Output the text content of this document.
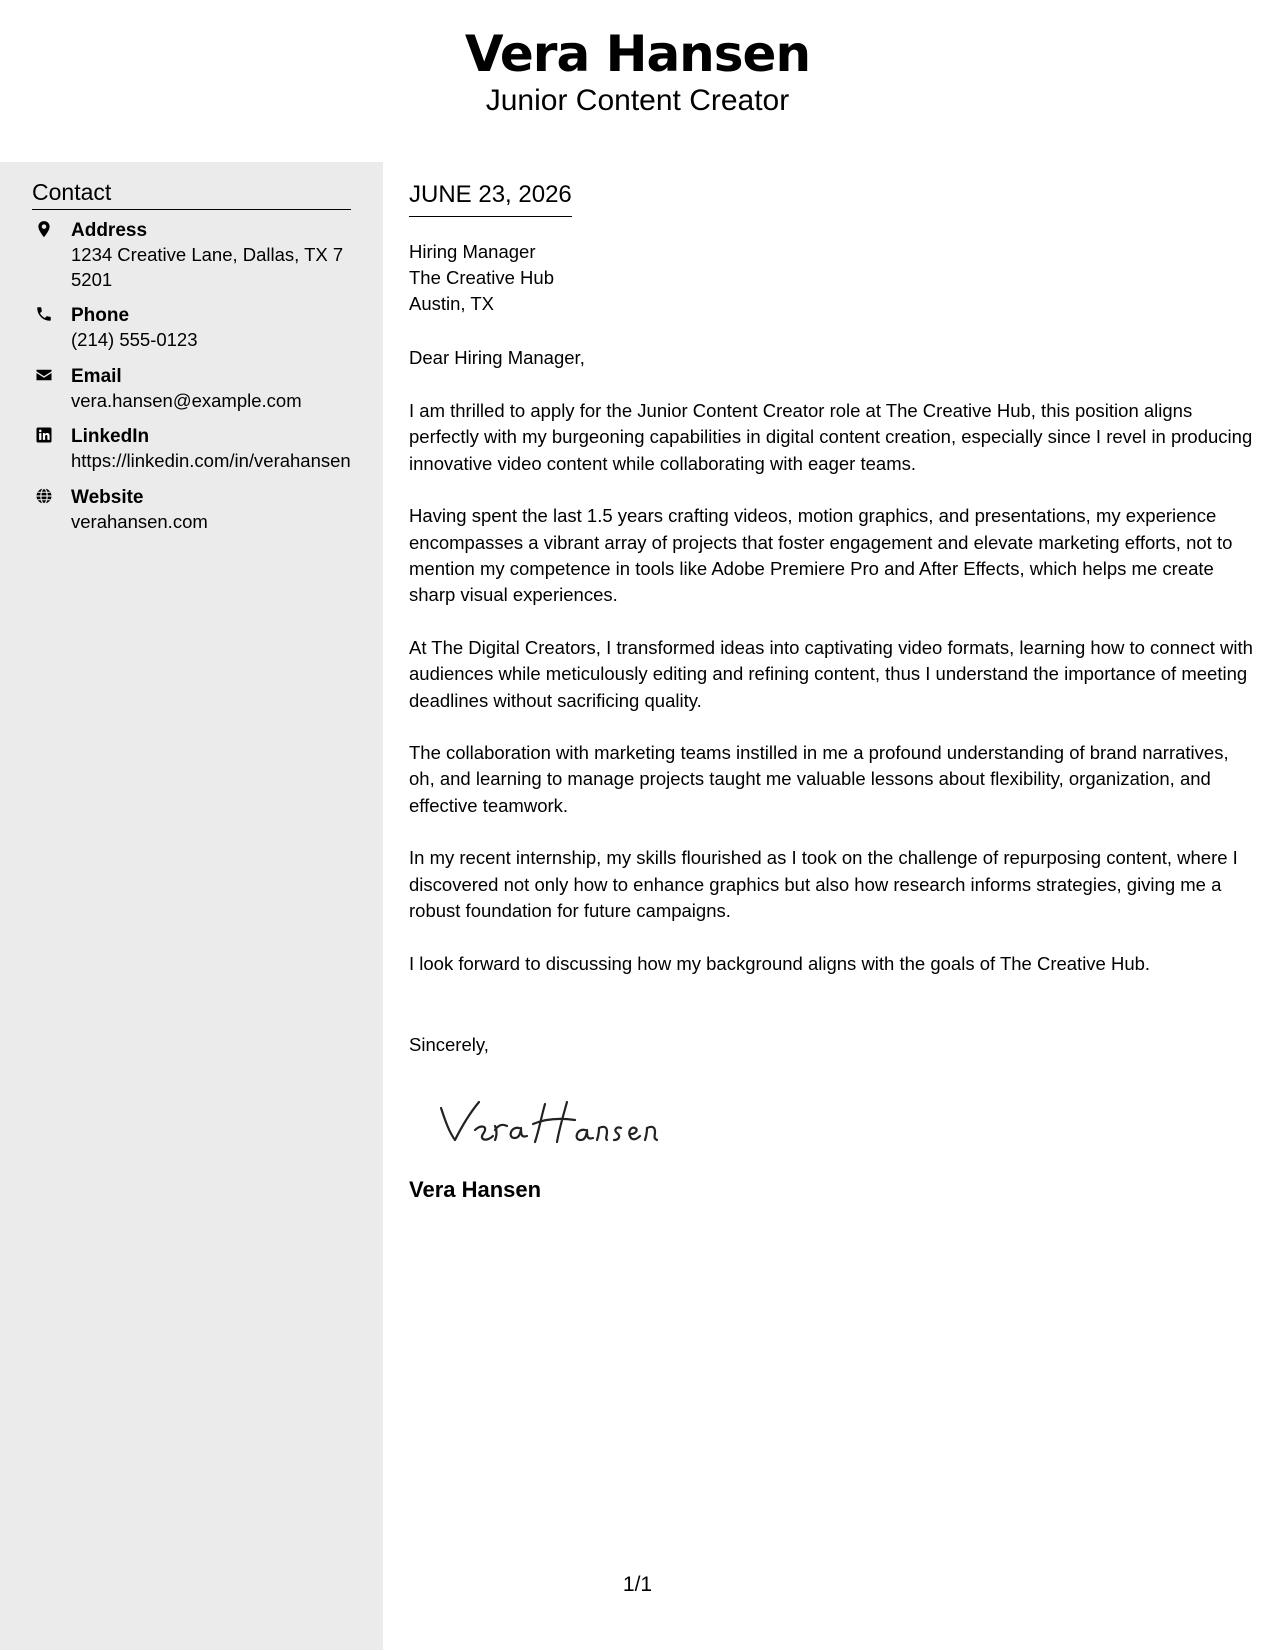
Vera Hansen
Junior Content Creator
Contact
Address
1234 Creative Lane, Dallas, TX 75201
Phone
(214) 555-0123
Email
vera.hansen@example.com
LinkedIn
https://linkedin.com/in/verahansen
Website
verahansen.com
JUNE 23, 2026
Hiring Manager
The Creative Hub
Austin, TX
Dear Hiring Manager,

I am thrilled to apply for the Junior Content Creator role at The Creative Hub, this position aligns perfectly with my burgeoning capabilities in digital content creation, especially since I revel in producing innovative video content while collaborating with eager teams.

Having spent the last 1.5 years crafting videos, motion graphics, and presentations, my experience encompasses a vibrant array of projects that foster engagement and elevate marketing efforts, not to mention my competence in tools like Adobe Premiere Pro and After Effects, which helps me create sharp visual experiences.

At The Digital Creators, I transformed ideas into captivating video formats, learning how to connect with audiences while meticulously editing and refining content, thus I understand the importance of meeting deadlines without sacrificing quality.

The collaboration with marketing teams instilled in me a profound understanding of brand narratives, oh, and learning to manage projects taught me valuable lessons about flexibility, organization, and effective teamwork.

In my recent internship, my skills flourished as I took on the challenge of repurposing content, where I discovered not only how to enhance graphics but also how research informs strategies, giving me a robust foundation for future campaigns.

I look forward to discussing how my background aligns with the goals of The Creative Hub.

Sincerely,
Vera Hansen
1/1
